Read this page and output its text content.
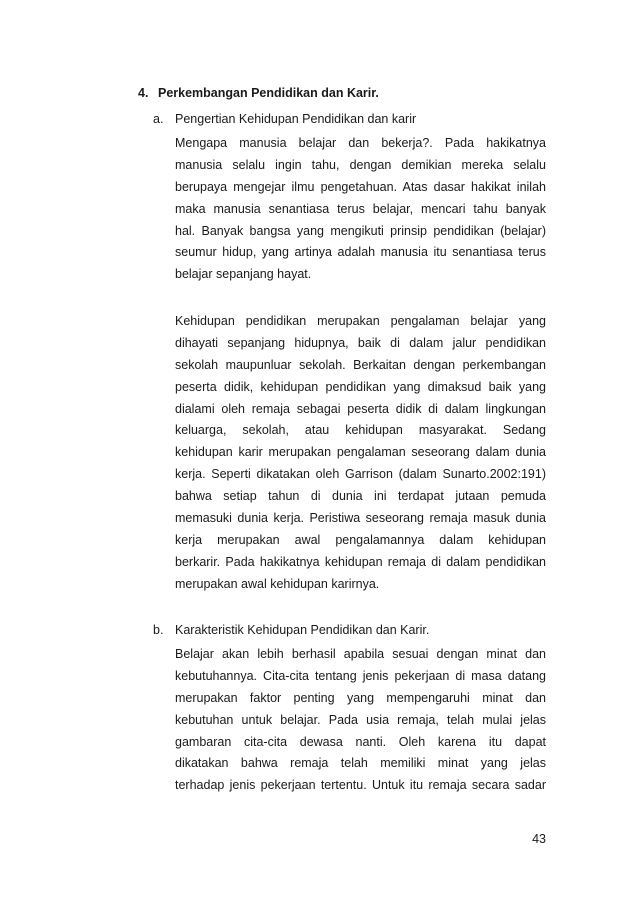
4. Perkembangan Pendidikan dan Karir.
a. Pengertian Kehidupan Pendidikan dan karir
Mengapa manusia belajar dan bekerja?. Pada hakikatnya
manusia selalu ingin tahu, dengan demikian mereka selalu
berupaya mengejar ilmu pengetahuan. Atas dasar hakikat inilah
maka manusia senantiasa terus belajar, mencari tahu banyak
hal. Banyak bangsa yang mengikuti prinsip pendidikan (belajar)
seumur hidup, yang artinya adalah manusia itu senantiasa terus
belajar sepanjang hayat.
Kehidupan pendidikan merupakan pengalaman belajar yang
dihayati sepanjang hidupnya, baik di dalam jalur pendidikan
sekolah maupunluar sekolah. Berkaitan dengan perkembangan
peserta didik, kehidupan pendidikan yang dimaksud baik yang
dialami oleh remaja sebagai peserta didik di dalam lingkungan
keluarga, sekolah, atau kehidupan masyarakat. Sedang
kehidupan karir merupakan pengalaman seseorang dalam dunia
kerja. Seperti dikatakan oleh Garrison (dalam Sunarto.2002:191)
bahwa setiap tahun di dunia ini terdapat jutaan pemuda
memasuki dunia kerja. Peristiwa seseorang remaja masuk dunia
kerja merupakan awal pengalamannya dalam kehidupan
berkarir. Pada hakikatnya kehidupan remaja di dalam pendidikan
merupakan awal kehidupan karirnya.
b. Karakteristik Kehidupan Pendidikan dan Karir.
Belajar akan lebih berhasil apabila sesuai dengan minat dan
kebutuhannya. Cita-cita tentang jenis pekerjaan di masa datang
merupakan faktor penting yang mempengaruhi minat dan
kebutuhan untuk belajar. Pada usia remaja, telah mulai jelas
gambaran cita-cita dewasa nanti. Oleh karena itu dapat
dikatakan bahwa remaja telah memiliki minat yang jelas
terhadap jenis pekerjaan tertentu. Untuk itu remaja secara sadar
43
